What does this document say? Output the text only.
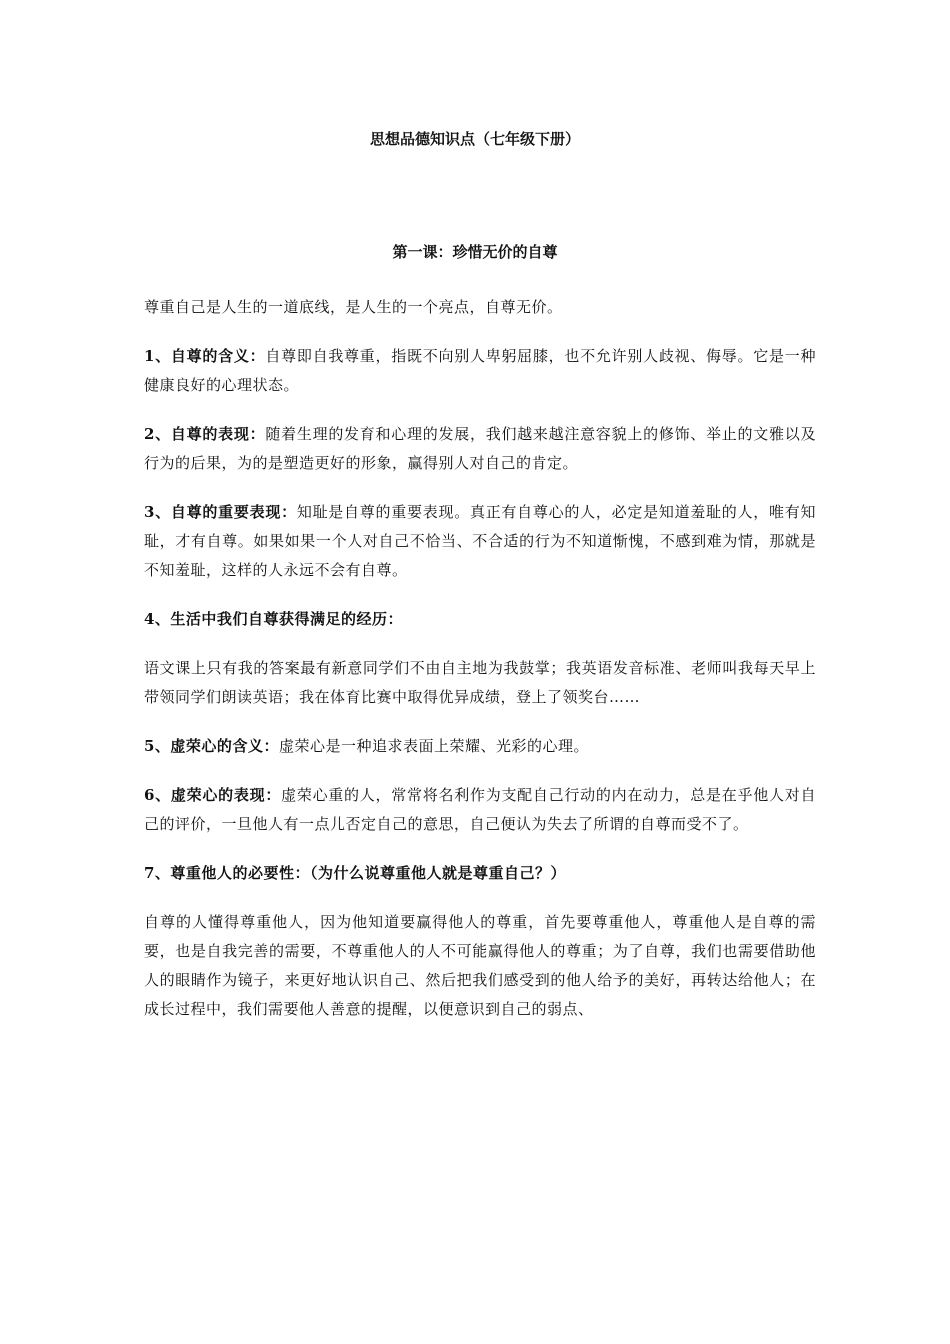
思想品德知识点（七年级下册）
第一课：珍惜无价的自尊

尊重自己是人生的一道底线，是人生的一个亮点，自尊无价。

1、自尊的含义：自尊即自我尊重，指既不向别人卑躬屈膝，也不允许别人歧视、侮辱。它是一种健康良好的心理状态。

2、自尊的表现：随着生理的发育和心理的发展，我们越来越注意容貌上的修饰、举止的文雅以及行为的后果，为的是塑造更好的形象，赢得别人对自己的肯定。

3、自尊的重要表现：知耻是自尊的重要表现。真正有自尊心的人，必定是知道羞耻的人，唯有知耻，才有自尊。如果如果一个人对自己不恰当、不合适的行为不知道惭愧，不感到难为情，那就是不知羞耻，这样的人永远不会有自尊。

4、生活中我们自尊获得满足的经历：

语文课上只有我的答案最有新意同学们不由自主地为我鼓掌；我英语发音标准、老师叫我每天早上带领同学们朗读英语；我在体育比赛中取得优异成绩，登上了领奖台……

5、虚荣心的含义：虚荣心是一种追求表面上荣耀、光彩的心理。

6、虚荣心的表现：虚荣心重的人，常常将名利作为支配自己行动的内在动力，总是在乎他人对自己的评价，一旦他人有一点儿否定自己的意思，自己便认为失去了所谓的自尊而受不了。

7、尊重他人的必要性：（为什么说尊重他人就是尊重自己？）

自尊的人懂得尊重他人，因为他知道要赢得他人的尊重，首先要尊重他人，尊重他人是自尊的需要，也是自我完善的需要，不尊重他人的人不可能赢得他人的尊重；为了自尊，我们也需要借助他人的眼睛作为镜子，来更好地认识自己、然后把我们感受到的他人给予的美好，再转达给他人；在成长过程中，我们需要他人善意的提醒，以便意识到自己的弱点、
